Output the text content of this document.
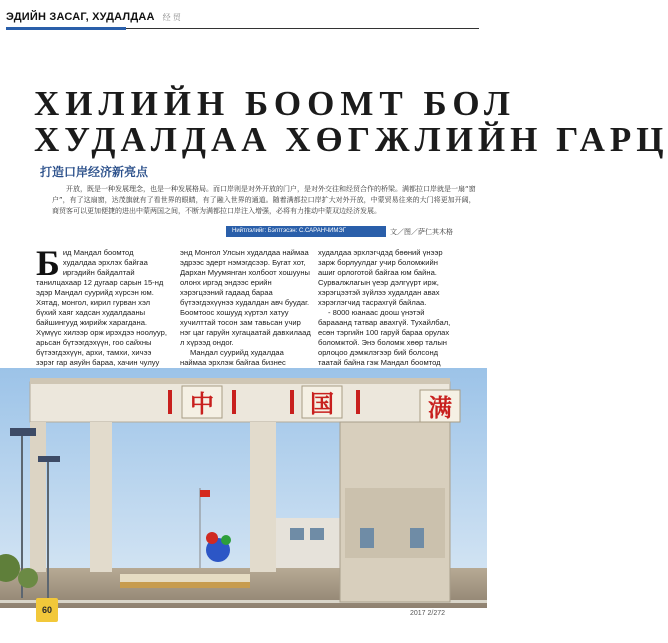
ЭДИЙН ЗАСАГ, ХУДАЛДАА 经 贸
ХИЛИЙН БООМТ БОЛ
ХУДАЛДАА ХӨГЖЛИЙН ГАРЦ
打造口岸经济新亮点
开放，既是一种发展理念，也是一种发展格局。而口岸则是对外开放的门户，是对外交往和经贸合作的桥梁。满都拉口岸就是一扇“窗户”，有了这扇窗，达茂旗就有了看世界的眼睛，有了融入世界的通道。随着满都拉口岸扩大对外开放，中蒙贸易往来的大门将更加开阔，商贸客可以更加便捷的进出中蒙两国之间，不断为满都拉口岸注入增强，必将有力推动中蒙双边经济发展。
Нийтлэлийг: Бэлтгэсэн: С.САРАНЧИМЭГ	文／图／萨仁其木格

Бид Мандал боомтод худалдаа эрхлэх байгаа иргэдийн байдалтай танилцахаар 12 дугаар сарын 15-нд эдэр Мандал суурийд хүрсэн юм. Хятад, монгол, кирил гурван хэл бүхий хаяг хадсан худалдааны байшингууд жирийж харагдана. Хүмүүс хилээр орж ирэхдээ ноолуур, арьсан бүтээгдэхүүн, гоо сайхны бүтээгдэхүүн, архи, тамхи, хичээ зэрэг гар аяуйн бараа, хачин чулуу

энд Монгол Улсын худалдаа наймаа эдрээс эдерт нэмэгдсээр. Бугат хот, Дархан Муумянган холбоот хошууны олонх иргэд эндээс ерийн хэрэгцээний гадаад бараа бүтээгдэхүүнээ худалдан авч буудаг. Боомтоос хошууд хүртэл хатуу хучилттай тосон зам тавьсан учир нэг цаг гаруйн хугацаатай давхилаад л хүрээд ондог.

Мандал суурийд худалдаа наймаа эрхлэж байгаа бизнес

худалдаа эрхлэгчдэд бөөний үнээр зарж борлуулдаг учир боломжийн ашиг орлоготой байгаа юм байна. Сурвалжлагын үеэр дэлгүүрт ирж, хэрэгцээтэй зүйлээ худалдан авах хэрэглэгчид тасрахгүй байлаа.

- 8000 юанаас доош үнэтэй барааанд татвар авахгүй. Тухайлбал, есөн тэргийн 100 гаруй бараа орулах боломжтой. Энэ боломж хөөр талын орлоцоо дэмжлэгээр бий болсонд таатай байна гэж Мандал боомтод

中	国	满
60	2017 2/272
